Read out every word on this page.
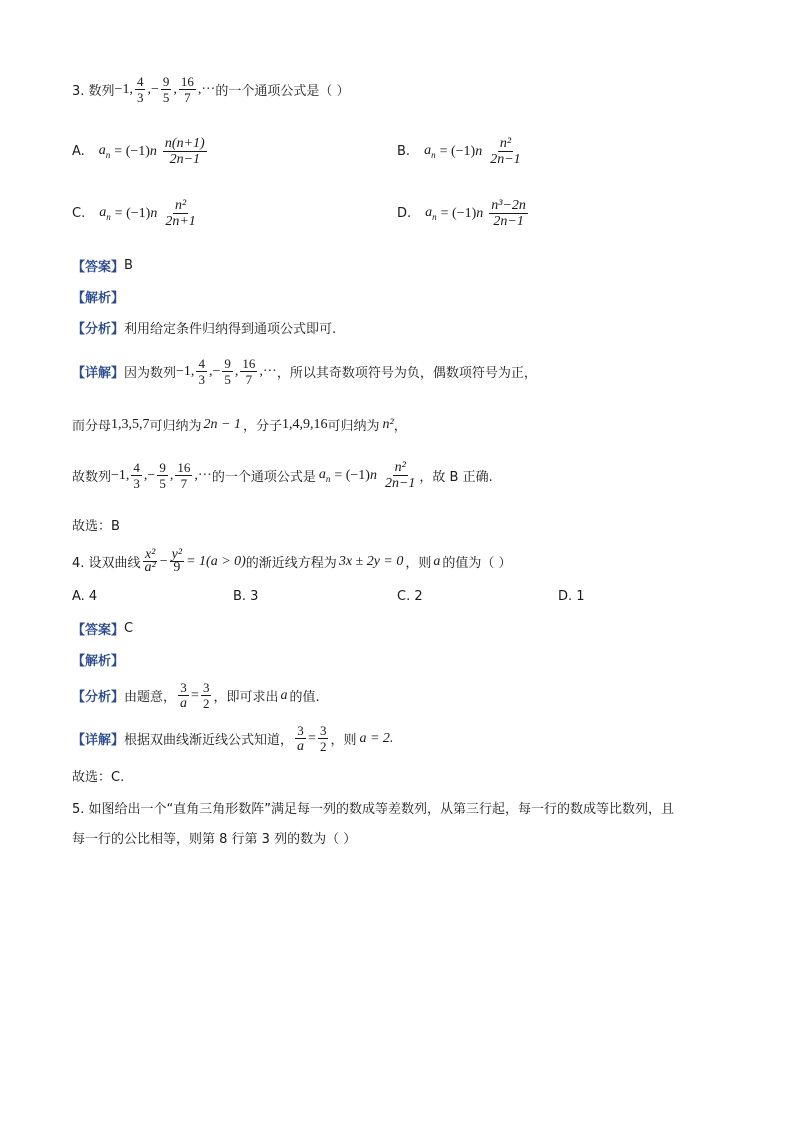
3. 数列 −1, $\frac{4}{3}$ , − $\frac{9}{5}$ , $\frac{16}{7}$ , ··· 的一个通项公式是（ ）
A. $a_n = (-1)$ n $\frac{n(n+1)}{2n-1}$	B. $a_n = (-1)$ n $\frac{\text{n²}}{2n-1}$
C. $a_n = (-1)$ n $\frac{\text{n²}}{2n+1}$	D. $a_n = (-1)$ n $\frac{\text{n³−2n}}{2n-1}$
【答案】 B
【解析】
【分析】 利用给定条件归纳得到通项公式即可.
【详解】 因为数列 −1, $\frac{4}{3}$ , − $\frac{9}{5}$ , $\frac{16}{7}$ , ··· ，所以其奇数项符号为负，偶数项符号为正，
而分母 1,3,5,7 可归纳为 2n − 1 ，分子 1,4,9,16 可归纳为 n² ，
故数列 −1, $\frac{4}{3}$ , − $\frac{9}{5}$ , $\frac{16}{7}$ , ··· 的一个通项公式是 $a_n = (-1)$ n $\frac{\text{n²}}{2n-1}$ ，故 B 正确.
故选：B
4. 设双曲线 $\frac{\text{x²}}{\text{a²}} - \frac{\text{y²}}{9} = 1(a > 0)$ 的渐近线方程为 3x ± 2y = 0 ，则 a 的值为（ ）
A. 4	B. 3	C. 2	D. 1
【答案】 C
【解析】
【分析】 由题意， $\frac{3}{a} = \frac{3}{2}$ ，即可求出 a 的值.
【详解】 根据双曲线渐近线公式知道， $\frac{3}{a} = \frac{3}{2}$ ，则 a = 2.
故选：C.
5. 如图给出一个“直角三角形数阵”满足每一列的数成等差数列，从第三行起，每一行的数成等比数列，且
每一行的公比相等，则第 8 行第 3 列的数为（ ）
